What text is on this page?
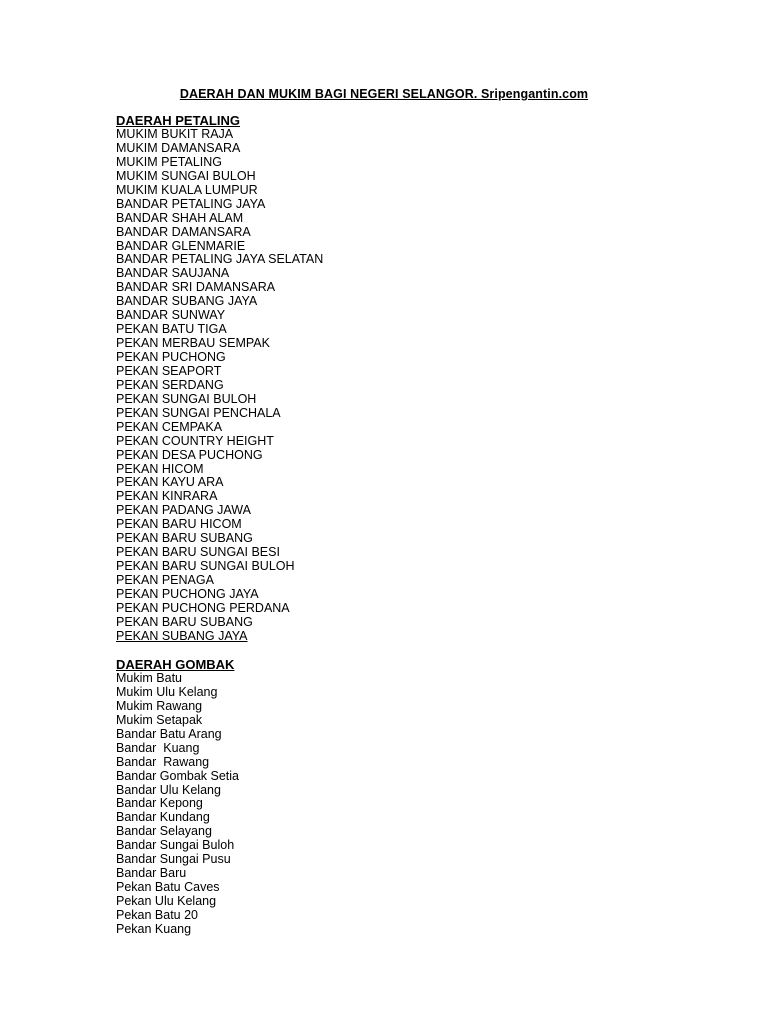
DAERAH DAN MUKIM BAGI NEGERI SELANGOR. Sripengantin.com
DAERAH PETALING
MUKIM BUKIT RAJA
MUKIM DAMANSARA
MUKIM PETALING
MUKIM SUNGAI BULOH
MUKIM KUALA LUMPUR
BANDAR PETALING JAYA
BANDAR SHAH ALAM
BANDAR DAMANSARA
BANDAR GLENMARIE
BANDAR PETALING JAYA SELATAN
BANDAR SAUJANA
BANDAR SRI DAMANSARA
BANDAR SUBANG JAYA
BANDAR SUNWAY
PEKAN BATU TIGA
PEKAN MERBAU SEMPAK
PEKAN PUCHONG
PEKAN SEAPORT
PEKAN SERDANG
PEKAN SUNGAI BULOH
PEKAN SUNGAI PENCHALA
PEKAN CEMPAKA
PEKAN COUNTRY HEIGHT
PEKAN DESA PUCHONG
PEKAN HICOM
PEKAN KAYU ARA
PEKAN KINRARA
PEKAN PADANG JAWA
PEKAN BARU HICOM
PEKAN BARU SUBANG
PEKAN BARU SUNGAI BESI
PEKAN BARU SUNGAI BULOH
PEKAN PENAGA
PEKAN PUCHONG JAYA
PEKAN PUCHONG PERDANA
PEKAN BARU SUBANG
PEKAN SUBANG JAYA
DAERAH GOMBAK
Mukim Batu
Mukim Ulu Kelang
Mukim Rawang
Mukim Setapak
Bandar Batu Arang
Bandar  Kuang
Bandar  Rawang
Bandar Gombak Setia
Bandar Ulu Kelang
Bandar Kepong
Bandar Kundang
Bandar Selayang
Bandar Sungai Buloh
Bandar Sungai Pusu
Bandar Baru
Pekan Batu Caves
Pekan Ulu Kelang
Pekan Batu 20
Pekan Kuang
